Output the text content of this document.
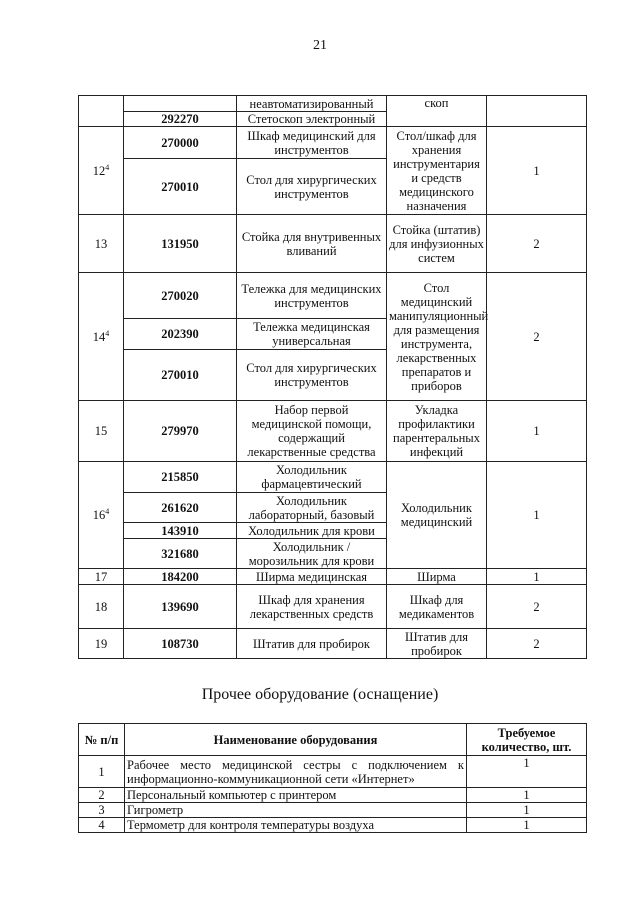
21
		неавтоматизированный	скоп	
	292270	Стетоскоп электронный		
$12^4$	270000	Шкаф медицинский для инструментов	Стол/шкаф для хранения инструментария и средств медицинского назначения	1
	270010	Стол для хирургических инструментов		
13	131950	Стойка для внутривенных вливаний	Стойка (штатив) для инфузионных систем	2
$14^4$	270020	Тележка для медицинских инструментов	Стол медицинский манипуляционный для размещения инструмента, лекарственных препаратов и приборов	2
	202390	Тележка медицинская универсальная		
	270010	Стол для хирургических инструментов		
15	279970	Набор первой медицинской помощи, содержащий лекарственные средства	Укладка профилактики парентеральных инфекций	1
$16^4$	215850	Холодильник фармацевтический	Холодильник медицинский	1
	261620	Холодильник лабораторный, базовый		
	143910	Холодильник для крови		
	321680	Холодильник /морозильник для крови		
17	184200	Ширма медицинская	Ширма	1
18	139690	Шкаф для хранения лекарственных средств	Шкаф для медикаментов	2
19	108730	Штатив для пробирок	Штатив для пробирок	2
Прочее оборудование (оснащение)
№ п/п	Наименование оборудования	Требуемое количество, шт.
1	Рабочее место медицинской сестры с подключением к информационно-коммуникационной сети «Интернет»	1
2	Персональный компьютер с принтером	1
3	Гигрометр	1
4	Термометр для контроля температуры воздуха	1
